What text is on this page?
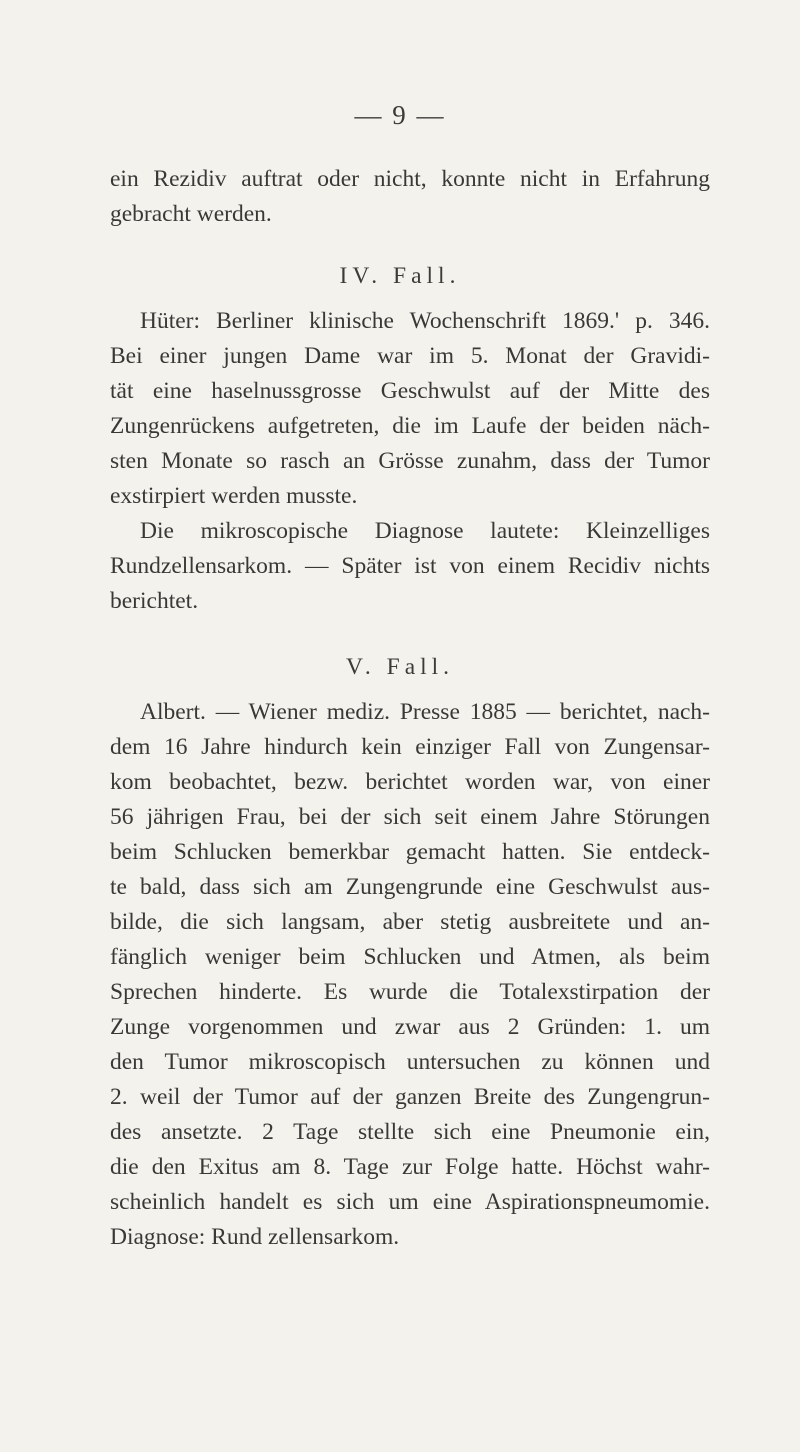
— 9 —

ein Rezidiv auftrat oder nicht, konnte nicht in Erfahrung
gebracht werden.

IV. Fall.

Hüter: Berliner klinische Wochenschrift 1869.' p. 346.
Bei einer jungen Dame war im 5. Monat der Gravidi-
tät eine haselnussgrosse Geschwulst auf der Mitte des
Zungenrückens aufgetreten, die im Laufe der beiden näch-
sten Monate so rasch an Grösse zunahm, dass der Tumor
exstirpiert werden musste.

Die mikroscopische Diagnose lautete: Kleinzelliges
Rundzellensarkom. — Später ist von einem Recidiv nichts
berichtet.

V. Fall.

Albert. — Wiener mediz. Presse 1885 — berichtet, nach-
dem 16 Jahre hindurch kein einziger Fall von Zungensar-
kom beobachtet, bezw. berichtet worden war, von einer
56 jährigen Frau, bei der sich seit einem Jahre Störungen
beim Schlucken bemerkbar gemacht hatten. Sie entdeck-
te bald, dass sich am Zungengrunde eine Geschwulst aus-
bilde, die sich langsam, aber stetig ausbreitete und an-
fänglich weniger beim Schlucken und Atmen, als beim
Sprechen hinderte. Es wurde die Totalexstirpation der
Zunge vorgenommen und zwar aus 2 Gründen: 1. um
den Tumor mikroscopisch untersuchen zu können und
2. weil der Tumor auf der ganzen Breite des Zungengrun-
des ansetzte. 2 Tage stellte sich eine Pneumonie ein,
die den Exitus am 8. Tage zur Folge hatte. Höchst wahr-
scheinlich handelt es sich um eine Aspirationspneumomie.
Diagnose: Rund zellensarkom.
